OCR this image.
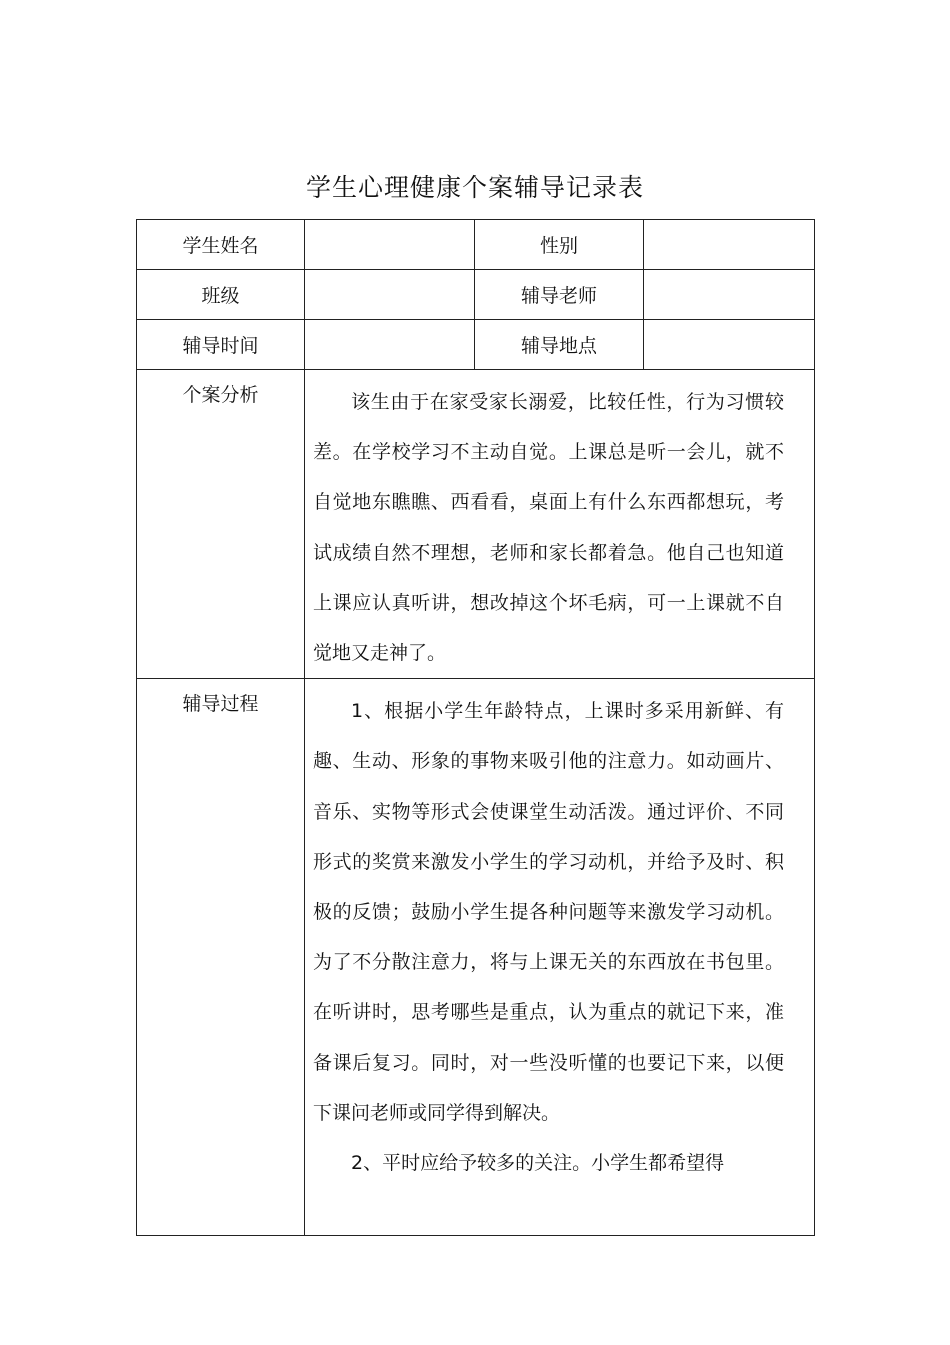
学生心理健康个案辅导记录表
学生姓名		性别	
班级		辅导老师	
辅导时间		辅导地点	
个案分析	该生由于在家受家长溺爱，比较任性，行为习惯较差。在学校学习不主动自觉。上课总是听一会儿，就不自觉地东瞧瞧、西看看，桌面上有什么东西都想玩，考试成绩自然不理想，老师和家长都着急。他自己也知道上课应认真听讲，想改掉这个坏毛病，可一上课就不自觉地又走神了。		

辅导过程	1、根据小学生年龄特点，上课时多采用新鲜、有趣、生动、形象的事物来吸引他的注意力。如动画片、音乐、实物等形式会使课堂生动活泼。通过评价、不同形式的奖赏来激发小学生的学习动机，并给予及时、积极的反馈；鼓励小学生提各种问题等来激发学习动机。为了不分散注意力，将与上课无关的东西放在书包里。在听讲时，思考哪些是重点，认为重点的就记下来，准备课后复习。同时，对一些没听懂的也要记下来，以便下课问老师或同学得到解决。

2、平时应给予较多的关注。小学生都希望得		
